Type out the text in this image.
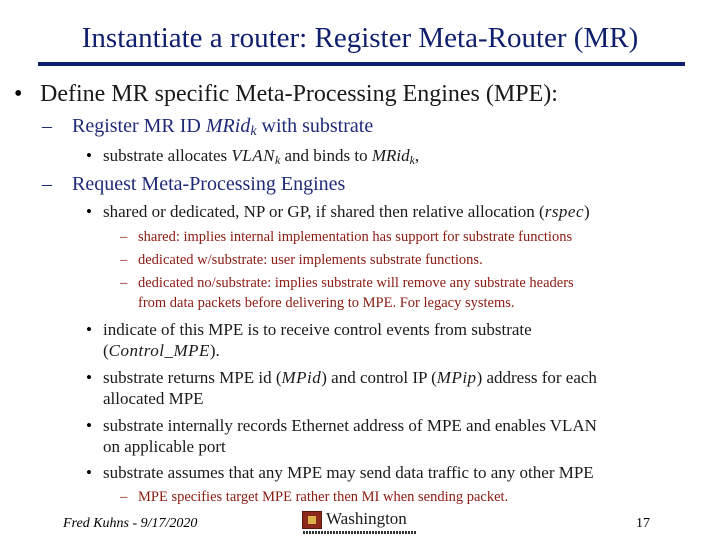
Instantiate a router: Register Meta-Router (MR)
• Define MR specific Meta-Processing Engines (MPE):
– Register MR ID MRid$_k$ with substrate
• substrate allocates $VLAN_k$ and binds to MRid$_k$,
– Request Meta-Processing Engines
• shared or dedicated, NP or GP, if shared then relative allocation (rspec)
– shared: implies internal implementation has support for substrate functions
– dedicated w/substrate: user implements substrate functions.
– dedicated no/substrate: implies substrate will remove any substrate headers
from data packets before delivering to MPE. For legacy systems.
• indicate of this MPE is to receive control events from substrate
(Control_MPE).
• substrate returns MPE id (MPid) and control IP (MPip) address for each
allocated MPE
• substrate internally records Ethernet address of MPE and enables VLAN
on applicable port
• substrate assumes that any MPE may send data traffic to any other MPE
– MPE specifies target MPE rather then MI when sending packet.
Fred Kuhns - 9/17/2020	Washington	17
